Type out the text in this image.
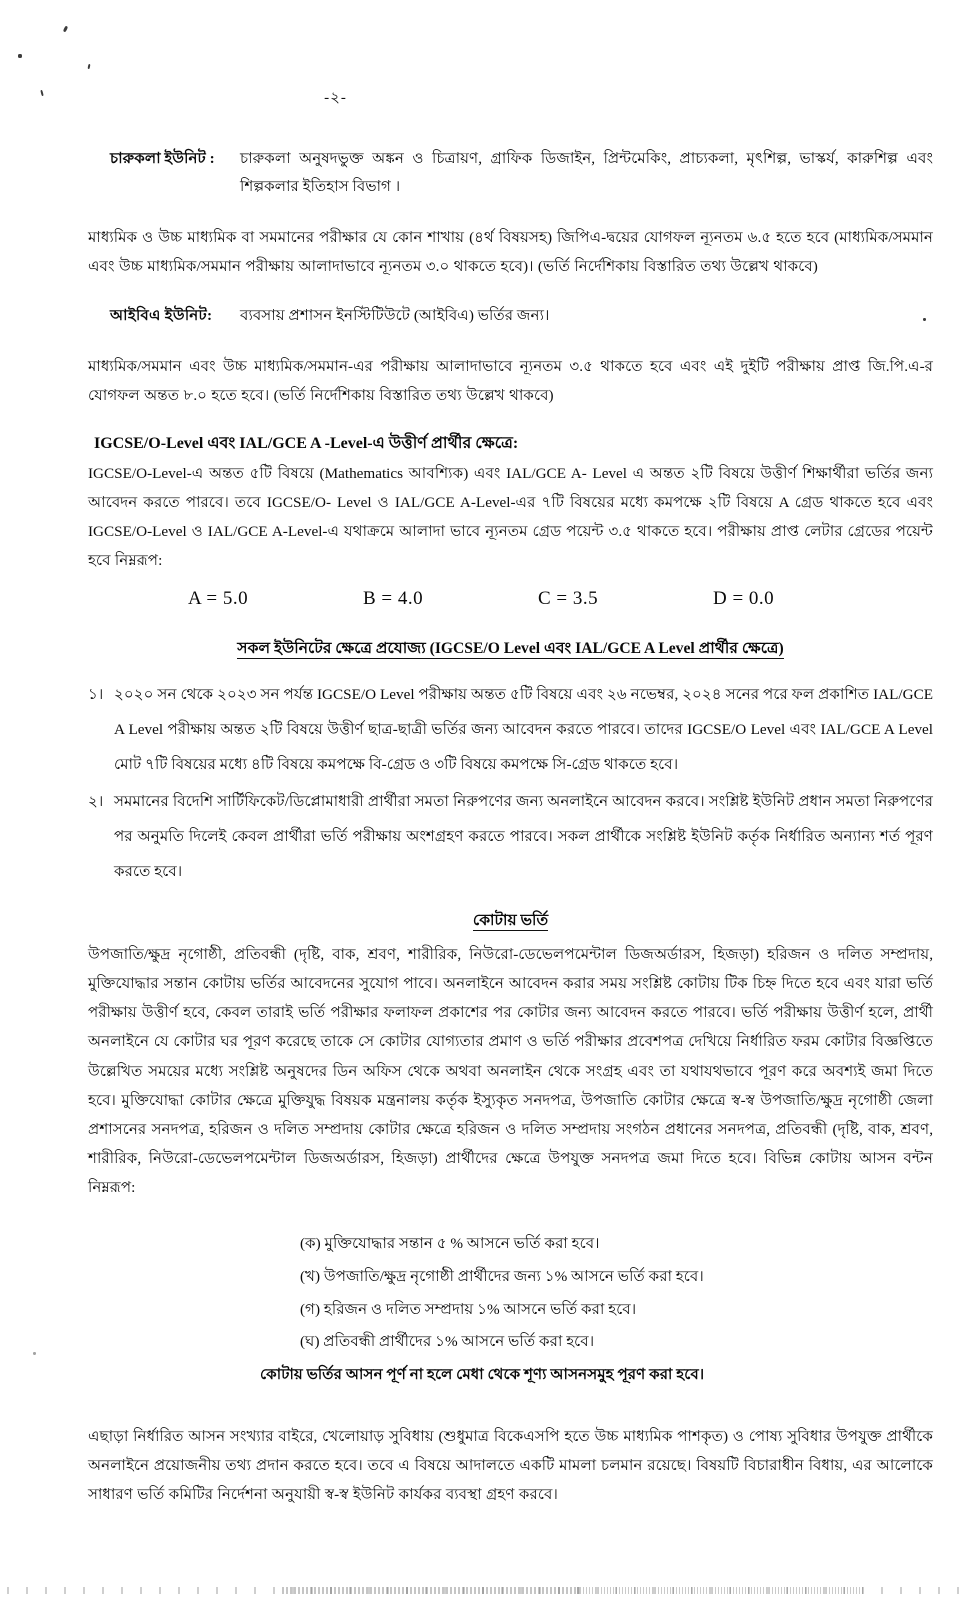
-২-
চারুকলা ইউনিট :	চারুকলা অনুষদভুক্ত অঙ্কন ও চিত্রায়ণ, গ্রাফিক ডিজাইন, প্রিন্টমেকিং, প্রাচ্যকলা, মৃৎশিল্প, ভাস্কর্য, কারুশিল্প এবং শিল্পকলার ইতিহাস বিভাগ ।

মাধ্যমিক ও উচ্চ মাধ্যমিক বা সমমানের পরীক্ষার যে কোন শাখায় (৪র্থ বিষয়সহ) জিপিএ-দ্বয়ের যোগফল ন্যূনতম ৬.৫ হতে হবে (মাধ্যমিক/সমমান এবং উচ্চ মাধ্যমিক/সমমান পরীক্ষায় আলাদাভাবে ন্যূনতম ৩.০ থাকতে হবে)। (ভর্তি নির্দেশিকায় বিস্তারিত তথ্য উল্লেখ থাকবে)

আইবিএ ইউনিট:	ব্যবসায় প্রশাসন ইনস্টিটিউটে (আইবিএ) ভর্তির জন্য।

মাধ্যমিক/সমমান এবং উচ্চ মাধ্যমিক/সমমান-এর পরীক্ষায় আলাদাভাবে ন্যূনতম ৩.৫ থাকতে হবে এবং এই দুইটি পরীক্ষায় প্রাপ্ত জি.পি.এ-র যোগফল অন্তত ৮.০ হতে হবে। (ভর্তি নির্দেশিকায় বিস্তারিত তথ্য উল্লেখ থাকবে)

IGCSE/O-Level এবং IAL/GCE A -Level-এ উত্তীর্ণ প্রার্থীর ক্ষেত্রে:

IGCSE/O-Level-এ অন্তত ৫টি বিষয়ে (Mathematics আবশ্যিক) এবং IAL/GCE A- Level এ অন্তত ২টি বিষয়ে উত্তীর্ণ শিক্ষার্থীরা ভর্তির জন্য আবেদন করতে পারবে। তবে IGCSE/O- Level ও IAL/GCE A-Level-এর ৭টি বিষয়ের মধ্যে কমপক্ষে ২টি বিষয়ে A গ্রেড থাকতে হবে এবং IGCSE/O-Level ও IAL/GCE A-Level-এ যথাক্রমে আলাদা ভাবে ন্যূনতম গ্রেড পয়েন্ট ৩.৫ থাকতে হবে। পরীক্ষায় প্রাপ্ত লেটার গ্রেডের পয়েন্ট হবে নিম্নরূপ:

A = 5.0	B = 4.0	C = 3.5	D = 0.0
সকল ইউনিটের ক্ষেত্রে প্রযোজ্য (IGCSE/O Level এবং IAL/GCE A Level প্রার্থীর ক্ষেত্রে)
১। ২০২০ সন থেকে ২০২৩ সন পর্যন্ত IGCSE/O Level পরীক্ষায় অন্তত ৫টি বিষয়ে এবং ২৬ নভেম্বর, ২০২৪ সনের পরে ফল প্রকাশিত IAL/GCE A Level পরীক্ষায় অন্তত ২টি বিষয়ে উত্তীর্ণ ছাত্র-ছাত্রী ভর্তির জন্য আবেদন করতে পারবে। তাদের IGCSE/O Level এবং IAL/GCE A Level মোট ৭টি বিষয়ের মধ্যে ৪টি বিষয়ে কমপক্ষে বি-গ্রেড ও ৩টি বিষয়ে কমপক্ষে সি-গ্রেড থাকতে হবে।
২। সমমানের বিদেশি সার্টিফিকেট/ডিপ্লোমাধারী প্রার্থীরা সমতা নিরুপণের জন্য অনলাইনে আবেদন করবে। সংশ্লিষ্ট ইউনিট প্রধান সমতা নিরুপণের পর অনুমতি দিলেই কেবল প্রার্থীরা ভর্তি পরীক্ষায় অংশগ্রহণ করতে পারবে। সকল প্রার্থীকে সংশ্লিষ্ট ইউনিট কর্তৃক নির্ধারিত অন্যান্য শর্ত পূরণ করতে হবে।
কোটায় ভর্তি

উপজাতি/ক্ষুদ্র নৃগোষ্ঠী, প্রতিবন্ধী (দৃষ্টি, বাক, শ্রবণ, শারীরিক, নিউরো-ডেভেলপমেন্টাল ডিজঅর্ডারস, হিজড়া) হরিজন ও দলিত সম্প্রদায়, মুক্তিযোদ্ধার সন্তান কোটায় ভর্তির আবেদনের সুযোগ পাবে। অনলাইনে আবেদন করার সময় সংশ্লিষ্ট কোটায় টিক চিহ্ন দিতে হবে এবং যারা ভর্তি পরীক্ষায় উত্তীর্ণ হবে, কেবল তারাই ভর্তি পরীক্ষার ফলাফল প্রকাশের পর কোটার জন্য আবেদন করতে পারবে। ভর্তি পরীক্ষায় উত্তীর্ণ হলে, প্রার্থী অনলাইনে যে কোটার ঘর পূরণ করেছে তাকে সে কোটার যোগ্যতার প্রমাণ ও ভর্তি পরীক্ষার প্রবেশপত্র দেখিয়ে নির্ধারিত ফরম কোটার বিজ্ঞপ্তিতে উল্লেখিত সময়ের মধ্যে সংশ্লিষ্ট অনুষদের ডিন অফিস থেকে অথবা অনলাইন থেকে সংগ্রহ এবং তা যথাযথভাবে পূরণ করে অবশ্যই জমা দিতে হবে। মুক্তিযোদ্ধা কোটার ক্ষেত্রে মুক্তিযুদ্ধ বিষয়ক মন্ত্রনালয় কর্তৃক ইস্যুকৃত সনদপত্র, উপজাতি কোটার ক্ষেত্রে স্ব-স্ব উপজাতি/ক্ষুদ্র নৃগোষ্ঠী জেলা প্রশাসনের সনদপত্র, হরিজন ও দলিত সম্প্রদায় কোটার ক্ষেত্রে হরিজন ও দলিত সম্প্রদায় সংগঠন প্রধানের সনদপত্র, প্রতিবন্ধী (দৃষ্টি, বাক, শ্রবণ, শারীরিক, নিউরো-ডেভেলপমেন্টাল ডিজঅর্ডারস, হিজড়া) প্রার্থীদের ক্ষেত্রে উপযুক্ত সনদপত্র জমা দিতে হবে। বিভিন্ন কোটায় আসন বন্টন নিম্নরূপ:

(ক) মুক্তিযোদ্ধার সন্তান ৫ % আসনে ভর্তি করা হবে।
(খ) উপজাতি/ক্ষুদ্র নৃগোষ্ঠী প্রার্থীদের জন্য ১% আসনে ভর্তি করা হবে।
(গ) হরিজন ও দলিত সম্প্রদায় ১% আসনে ভর্তি করা হবে।
(ঘ) প্রতিবন্ধী প্রার্থীদের ১% আসনে ভর্তি করা হবে।
কোটায় ভর্তির আসন পূর্ণ না হলে মেধা থেকে শূণ্য আসনসমুহ পূরণ করা হবে।

এছাড়া নির্ধারিত আসন সংখ্যার বাইরে, খেলোয়াড় সুবিধায় (শুধুমাত্র বিকেএসপি হতে উচ্চ মাধ্যমিক পাশকৃত) ও পোষ্য সুবিধার উপযুক্ত প্রার্থীকে অনলাইনে প্রয়োজনীয় তথ্য প্রদান করতে হবে। তবে এ বিষয়ে আদালতে একটি মামলা চলমান রয়েছে। বিষয়টি বিচারাধীন বিধায়, এর আলোকে সাধারণ ভর্তি কমিটির নির্দেশনা অনুযায়ী স্ব-স্ব ইউনিট কার্যকর ব্যবস্থা গ্রহণ করবে।
